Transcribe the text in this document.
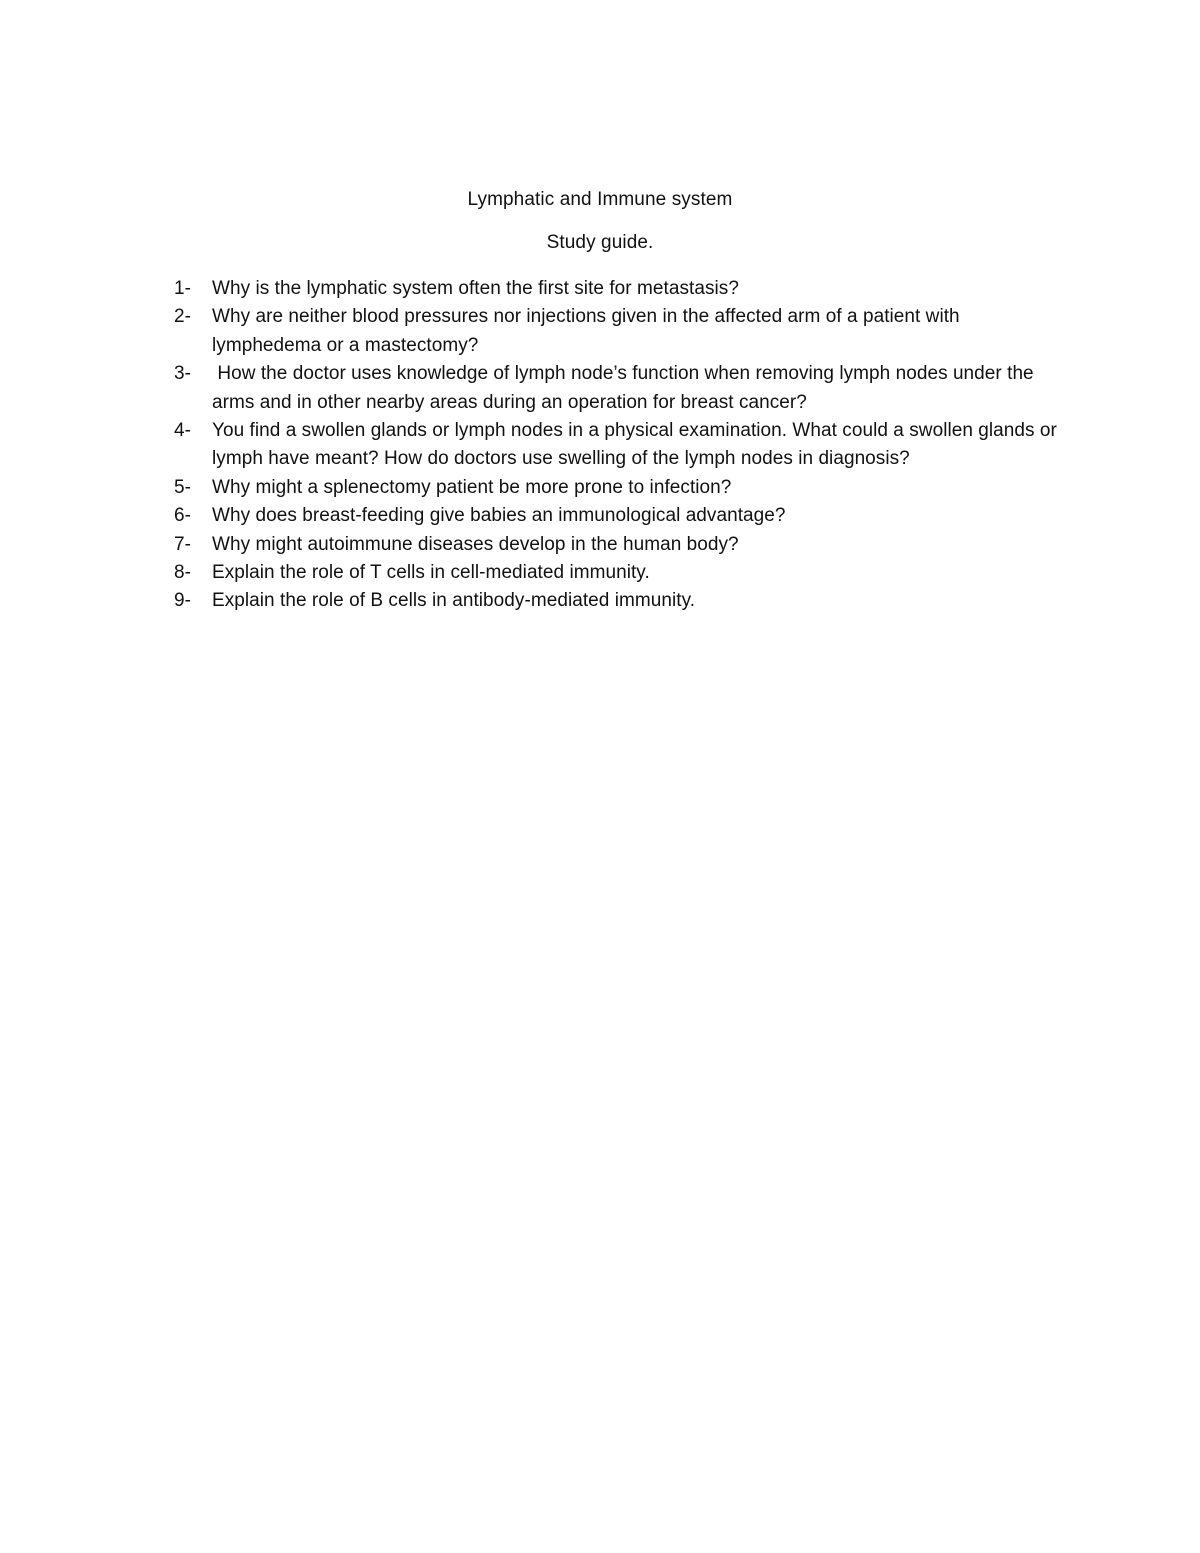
Lymphatic and Immune system
Study guide.
1-	Why is the lymphatic system often the first site for metastasis?
2-	Why are neither blood pressures nor injections given in the affected arm of a patient with lymphedema or a mastectomy?
3-	How the doctor uses knowledge of lymph node’s function when removing lymph nodes under the arms and in other nearby areas during an operation for breast cancer?
4-	You find a swollen glands or lymph nodes in a physical examination. What could a swollen glands or lymph have meant? How do doctors use swelling of the lymph nodes in diagnosis?
5-	Why might a splenectomy patient be more prone to infection?
6-	Why does breast-feeding give babies an immunological advantage?
7-	Why might autoimmune diseases develop in the human body?
8-	Explain the role of T cells in cell-mediated immunity.
9-	Explain the role of B cells in antibody-mediated immunity.
